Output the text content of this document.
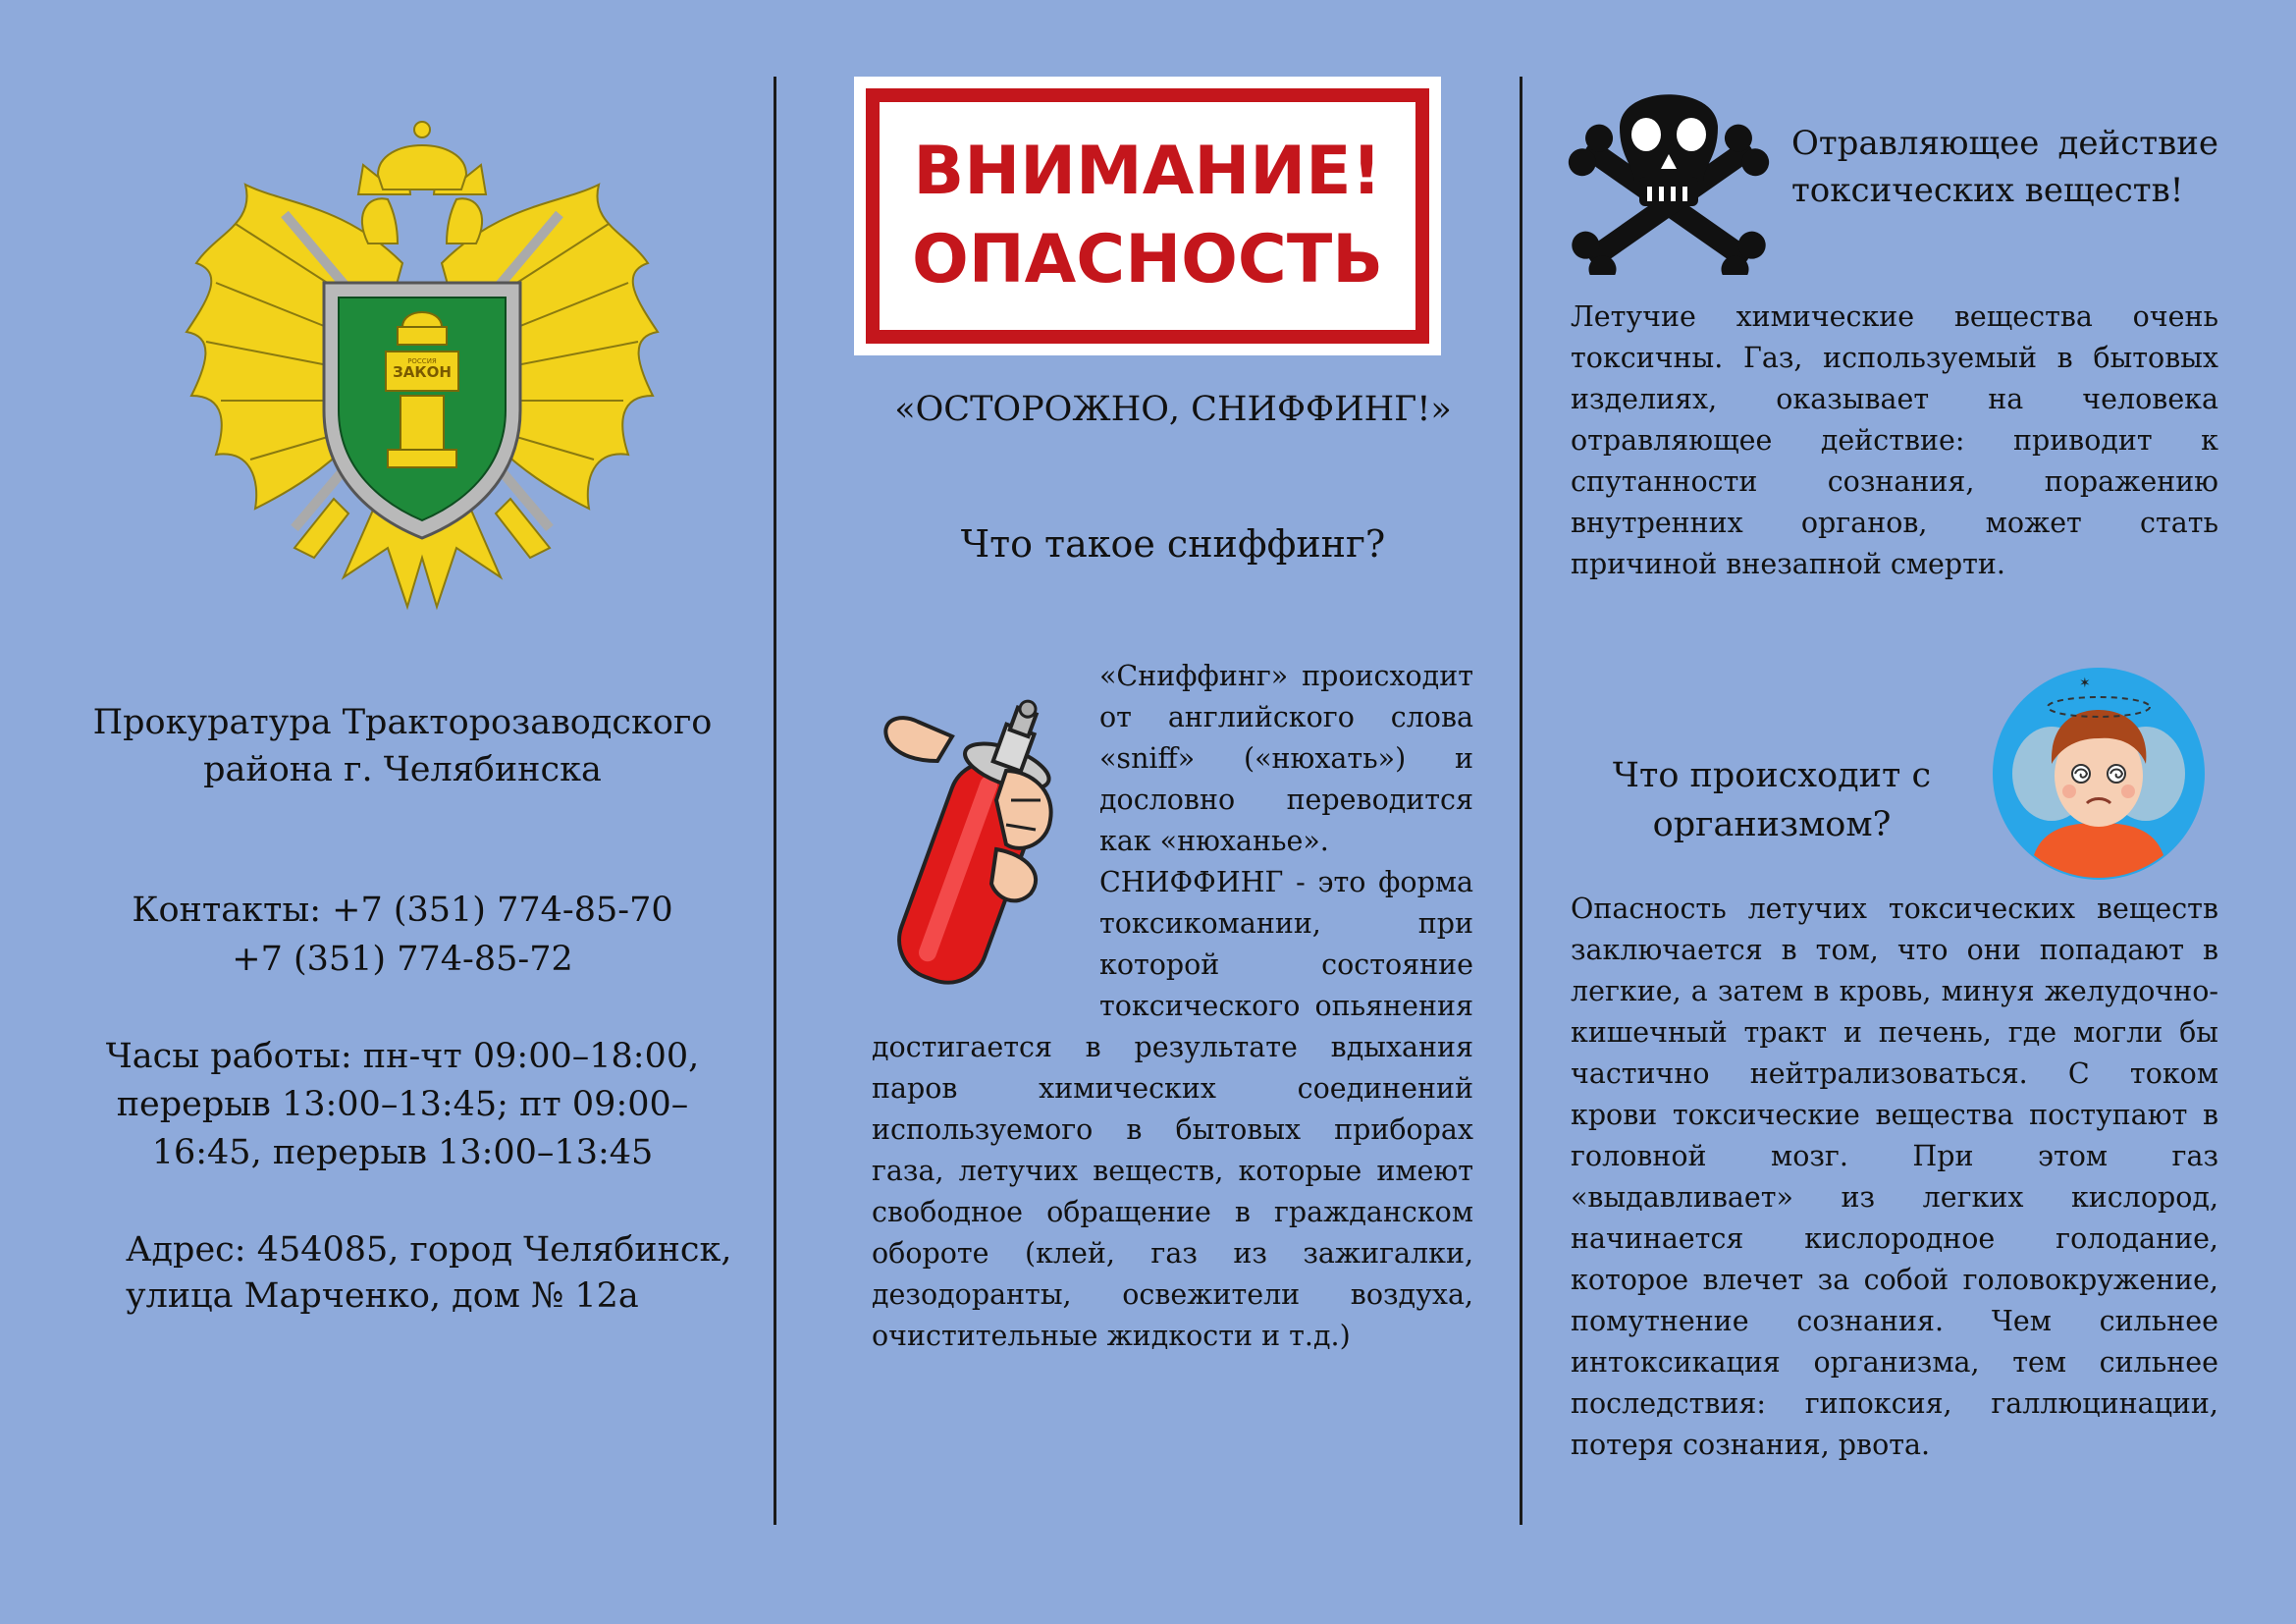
ЗАКОН
РОССИЯ
Прокуратура Тракторозаводского
района г. Челябинска
Контакты: +7 (351) 774-85-70
+7 (351) 774-85-72
Часы работы: пн-чт 09:00–18:00,
перерыв 13:00–13:45; пт 09:00–
16:45, перерыв 13:00–13:45
Адрес: 454085, город Челябинск,
улица Марченко, дом № 12а
ВНИМАНИЕ!
ОПАСНОСТЬ
«ОСТОРОЖНО, СНИФФИНГ!»
Что такое сниффинг?

«Сниффинг» происходит от английского слова «sniff» («нюхать») и дословно переводится как «нюханье».

СНИФФИНГ - это форма токсикомании, при которой состояние токсического опьянения достигается в результате вдыхания паров химических соединений используемого в бытовых приборах газа, летучих веществ, которые имеют свободное обращение в гражданском обороте (клей, газ из зажигалки, дезодоранты, освежители воздуха, очистительные жидкости и т.д.)

Отравляющее действие
токсических веществ!

Летучие химические вещества очень токсичны. Газ, используемый в бытовых изделиях, оказывает на человека отравляющее действие: приводит к спутанности сознания, поражению внутренних органов, может стать причиной внезапной смерти.

✶
Что происходит с
организмом?

Опасность летучих токсических веществ заключается в том, что они попадают в легкие, а затем в кровь, минуя желудочно-кишечный тракт и печень, где могли бы частично нейтрализоваться. С током крови токсические вещества поступают в головной мозг. При этом газ «выдавливает» из легких кислород, начинается кислородное голодание, которое влечет за собой головокружение, помутнение сознания. Чем сильнее интоксикация организма, тем сильнее последствия: гипоксия, галлюцинации, потеря сознания, рвота.
